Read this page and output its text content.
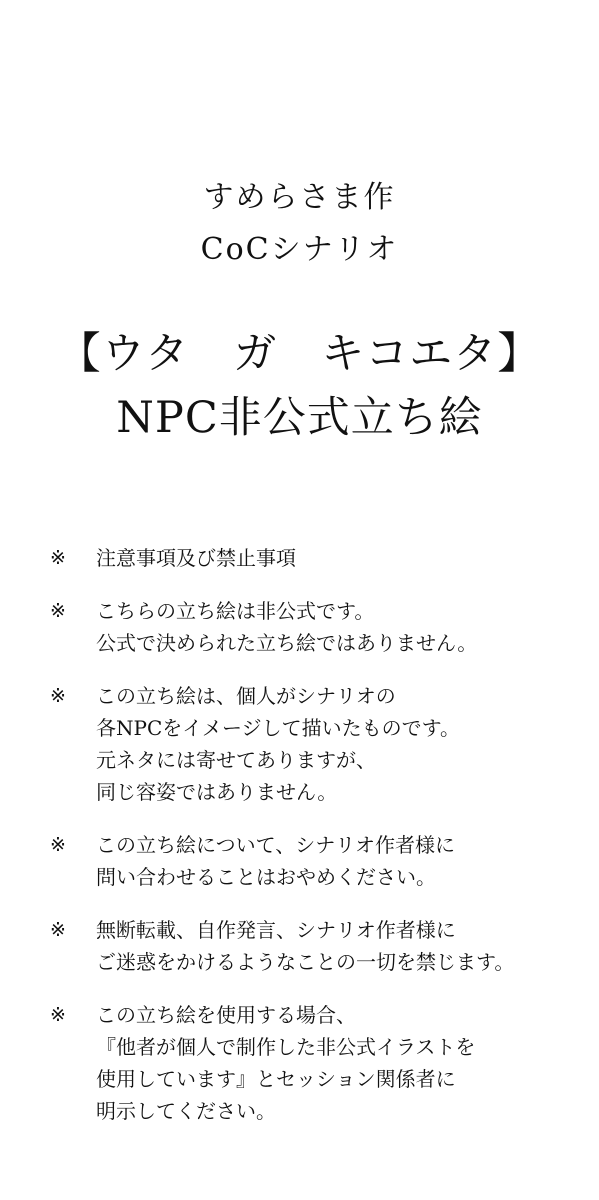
すめらさま作
CoCシナリオ
【ウタ　ガ　キコエタ】
NPC非公式立ち絵
※	注意事項及び禁止事項
※	こちらの立ち絵は非公式です。
公式で決められた立ち絵ではありません。
※	この立ち絵は、個人がシナリオの
各NPCをイメージして描いたものです。
元ネタには寄せてありますが、
同じ容姿ではありません。
※	この立ち絵について、シナリオ作者様に
問い合わせることはおやめください。
※	無断転載、自作発言、シナリオ作者様に
ご迷惑をかけるようなことの一切を禁じます。
※	この立ち絵を使用する場合、
『他者が個人で制作した非公式イラストを
使用しています』とセッション関係者に
明示してください。
